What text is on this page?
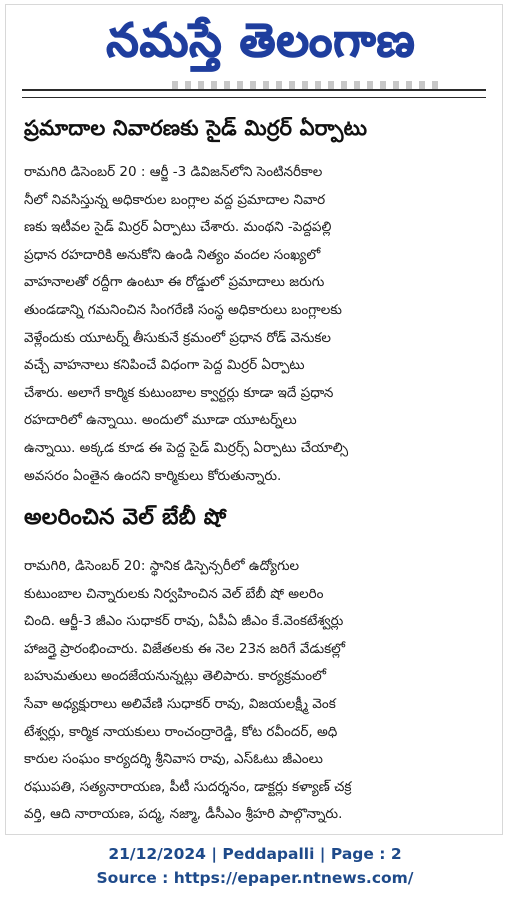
నమస్తే తెలంగాణ
ప్రమాదాల నివారణకు సైడ్ మిర్రర్ ఏర్పాటు
రామగిరి డిసెంబర్ 20 : ఆర్జీ -3 డివిజన్‌లోని సెంటినరీకాల
నీలో నివసిస్తున్న అధికారుల బంగ్లాల వద్ద ప్రమాదాల నివార
ణకు ఇటీవల సైడ్ మిర్రర్ ఏర్పాటు చేశారు. మంథని -పెద్దపల్లి
ప్రధాన రహదారికి అనుకోని ఉండి నిత్యం వందల సంఖ్యలో
వాహనాలతో రద్దీగా ఉంటూ ఈ రోడ్డులో ప్రమాదాలు జరుగు
తుండడాన్ని గమనించిన సింగరేణి సంస్థ అధికారులు బంగ్లాలకు
వెళ్లేందుకు యూటర్న్ తీసుకునే క్రమంలో ప్రధాన రోడ్ వెనుకల
వచ్చే వాహనాలు కనిపించే విధంగా పెద్ద మిర్రర్ ఏర్పాటు
చేశారు. అలాగే కార్మిక కుటుంబాల క్వార్టర్లు కూడా ఇదే ప్రధాన
రహదారిలో ఉన్నాయి. అందులో మూడా యూటర్న్‌లు
ఉన్నాయి. అక్కడ కూడ ఈ పెద్ద సైడ్ మిర్రర్స్ ఏర్పాటు చేయాల్సి
అవసరం ఏంతైన ఉందని కార్మికులు కోరుతున్నారు.
అలరించిన వెల్ బేబీ షో
రామగిరి, డిసెంబర్ 20: స్థానిక డిస్పెన్సరీలో ఉద్యోగుల
కుటుంబాల చిన్నారులకు నిర్వహించిన వెల్ బేబీ షో అలరిం
చింది. ఆర్జీ-3 జీఎం సుధాకర్ రావు, ఏపీఏ జీఎం కే.వెంకటేశ్వర్లు
హాజర్తై ప్రారంభించారు. విజేతలకు ఈ నెల 23న జరిగే వేడుకల్లో
బహుమతులు అందజేయనున్నట్లు తెలిపారు. కార్యక్రమంలో
సేవా అధ్యక్షురాలు అలివేణి సుధాకర్ రావు, విజయలక్ష్మీ వెంక
టేశ్వర్లు, కార్మిక నాయకులు రాంచంద్రారెడ్డి, కోట రవీందర్, అధి
కారుల సంఘం కార్యదర్శి శ్రీనివాస రావు, ఎస్ఓటు జీఎంలు
రఘుపతి, సత్యనారాయణ, పీటీ సుదర్శనం, డాక్టర్లు కళ్యాణ్ చక్ర
వర్తి, ఆది నారాయణ, పద్మ, నజ్మా, డీసీఎం శ్రీహరి పాల్గొన్నారు.
21/12/2024 | Peddapalli | Page : 2
Source : https://epaper.ntnews.com/
